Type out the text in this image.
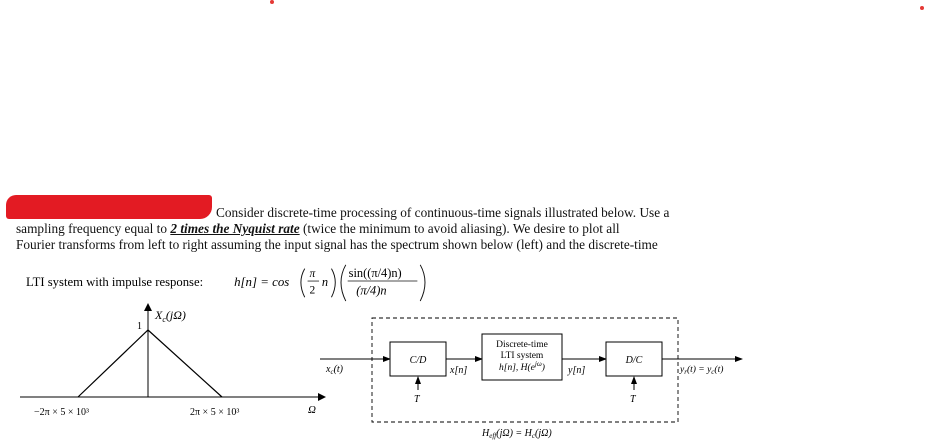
Consider discrete-time processing of continuous-time signals illustrated below. Use a
sampling frequency equal to 2 times the Nyquist rate (twice the minimum to avoid aliasing). We desire to plot all
Fourier transforms from left to right assuming the input signal has the spectrum shown below (left) and the discrete-time
LTI system with impulse response: h[n] = cos
π
2
n
sin((π/4)n)
(π/4)n
$X_c(j\Omega)$
1
−2π × 5 × 10³	2π × 5 × 10³	Ω
$x_c(t)$
C/D
T
x[n]
Discrete-time
LTI system
h[n], $H(e^{j\omega})$ y[n]
D/C
T
$y_r(t) = y_c(t)$
$H_{eff}(j\Omega) = H_c(j\Omega)$
